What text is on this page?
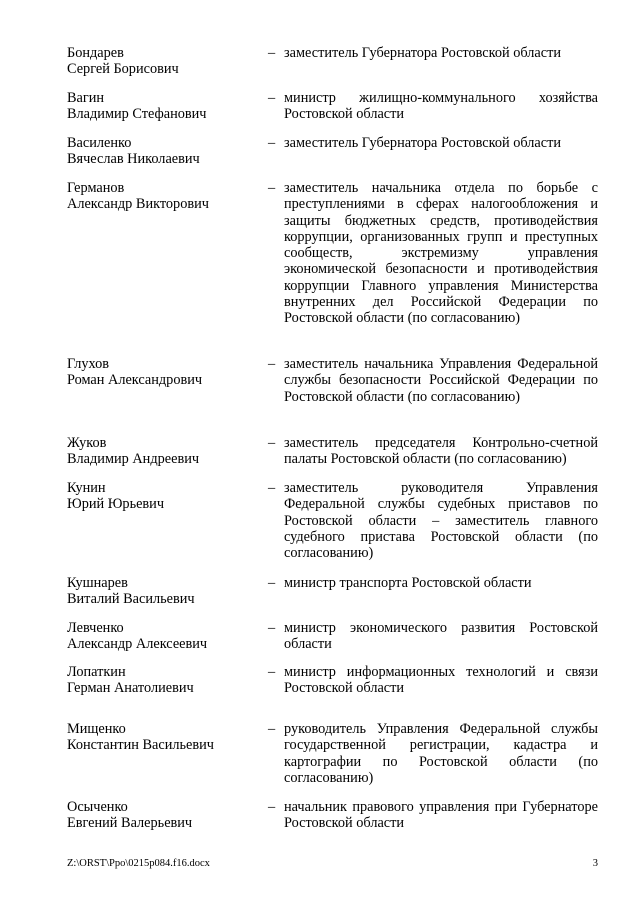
Бондарев
Сергей Борисович
– заместитель Губернатора Ростовской области
Вагин
Владимир Стефанович
– министр жилищно-коммунального хозяйства Ростовской области
Василенко
Вячеслав Николаевич
– заместитель Губернатора Ростовской области
Германов
Александр Викторович
– заместитель начальника отдела по борьбе с преступлениями в сферах налогообложения и защиты бюджетных средств, противодействия коррупции, организованных групп и преступных сообществ, экстремизму управления экономической безопасности и противодействия коррупции Главного управления Министерства внутренних дел Российской Федерации по Ростовской области (по согласованию)
Глухов
Роман Александрович
– заместитель начальника Управления Федеральной службы безопасности Российской Федерации по Ростовской области (по согласованию)
Жуков
Владимир Андреевич
– заместитель председателя Контрольно-счетной палаты Ростовской области (по согласованию)
Кунин
Юрий Юрьевич
– заместитель руководителя Управления Федеральной службы судебных приставов по Ростовской области – заместитель главного судебного пристава Ростовской области (по согласованию)
Кушнарев
Виталий Васильевич
– министр транспорта Ростовской области
Левченко
Александр Алексеевич
– министр экономического развития Ростовской области
Лопаткин
Герман Анатолиевич
– министр информационных технологий и связи Ростовской области
Мищенко
Константин Васильевич
– руководитель Управления Федеральной службы государственной регистрации, кадастра и картографии по Ростовской области (по согласованию)
Осыченко
Евгений Валерьевич
– начальник правового управления при Губернаторе Ростовской области
Z:\ORST\Ppo\0215p084.f16.docx	3
